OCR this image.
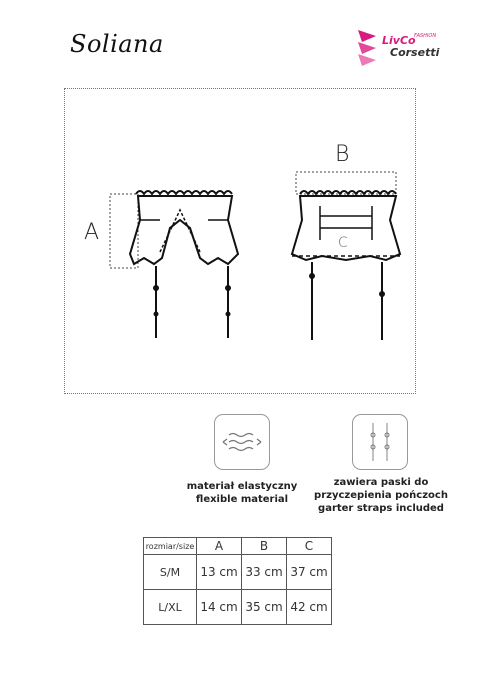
Soliana	LivCo
FASHION
Corsetti
A
B
C
materiał elastyczny
flexible material
zawiera paski do
przyczepienia pończoch
garter straps included
rozmiar/size	A	B	C
S/M	13 cm	33 cm	37 cm
L/XL	14 cm	35 cm	42 cm
